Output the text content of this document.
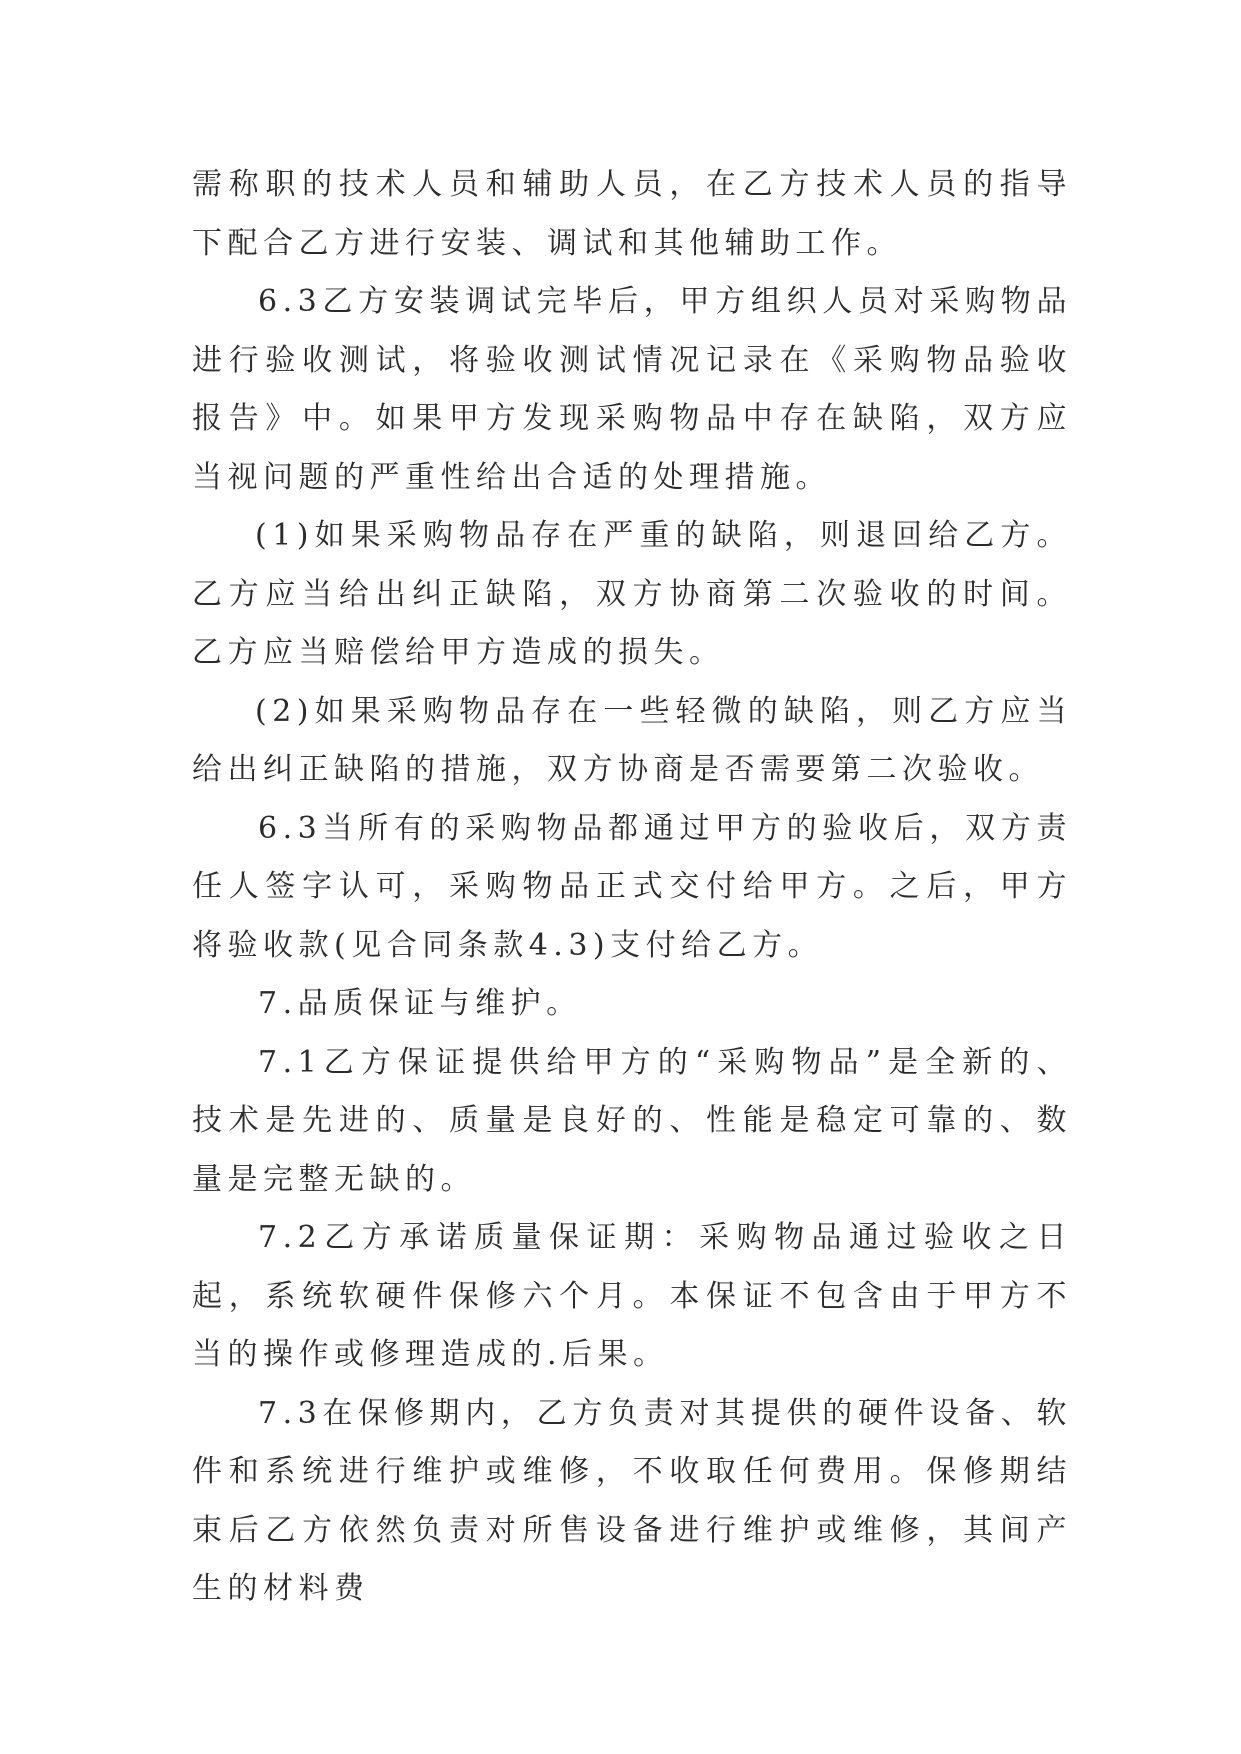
需称职的技术人员和辅助人员，在乙方技术人员的指导下配合乙方进行安装、调试和其他辅助工作。

6.3乙方安装调试完毕后，甲方组织人员对采购物品进行验收测试，将验收测试情况记录在《采购物品验收报告》中。如果甲方发现采购物品中存在缺陷，双方应当视问题的严重性给出合适的处理措施。

(1)如果采购物品存在严重的缺陷，则退回给乙方。乙方应当给出纠正缺陷，双方协商第二次验收的时间。乙方应当赔偿给甲方造成的损失。

(2)如果采购物品存在一些轻微的缺陷，则乙方应当给出纠正缺陷的措施，双方协商是否需要第二次验收。

6.3当所有的采购物品都通过甲方的验收后，双方责任人签字认可，采购物品正式交付给甲方。之后，甲方将验收款(见合同条款4.3)支付给乙方。

7.品质保证与维护。

7.1乙方保证提供给甲方的“采购物品”是全新的、技术是先进的、质量是良好的、性能是稳定可靠的、数量是完整无缺的。

7.2乙方承诺质量保证期：采购物品通过验收之日起，系统软硬件保修六个月。本保证不包含由于甲方不当的操作或修理造成的.后果。

7.3在保修期内，乙方负责对其提供的硬件设备、软件和系统进行维护或维修，不收取任何费用。保修期结束后乙方依然负责对所售设备进行维护或维修，其间产生的材料费
